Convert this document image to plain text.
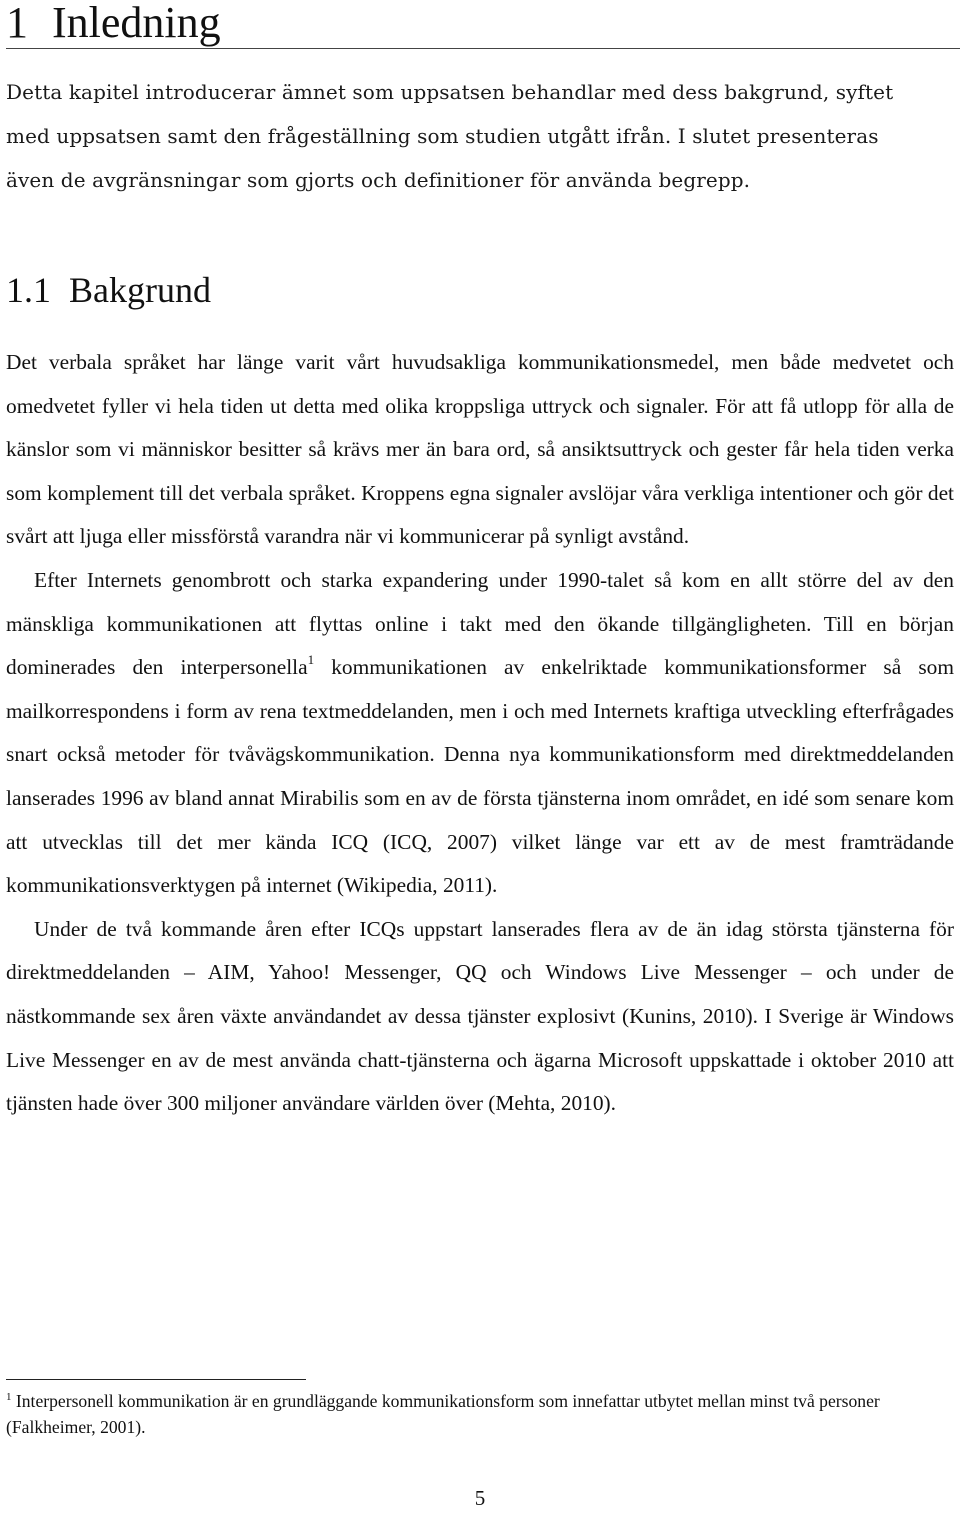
1 Inledning

Detta kapitel introducerar ämnet som uppsatsen behandlar med dess bakgrund, syftet med uppsatsen samt den frågeställning som studien utgått ifrån. I slutet presenteras även de avgränsningar som gjorts och definitioner för använda begrepp.

1.1 Bakgrund

Det verbala språket har länge varit vårt huvudsakliga kommunikationsmedel, men både medvetet och omedvetet fyller vi hela tiden ut detta med olika kroppsliga uttryck och signaler. För att få utlopp för alla de känslor som vi människor besitter så krävs mer än bara ord, så ansiktsuttryck och gester får hela tiden verka som komplement till det verbala språket. Kroppens egna signaler avslöjar våra verkliga intentioner och gör det svårt att ljuga eller missförstå varandra när vi kommunicerar på synligt avstånd.

Efter Internets genombrott och starka expandering under 1990-talet så kom en allt större del av den mänskliga kommunikationen att flyttas online i takt med den ökande tillgängligheten. Till en början dominerades den interpersonella$^1$ kommunikationen av enkelriktade kommunikationsformer så som mailkorrespondens i form av rena textmeddelanden, men i och med Internets kraftiga utveckling efterfrågades snart också metoder för tvåvägskommunikation. Denna nya kommunikationsform med direktmeddelanden lanserades 1996 av bland annat Mirabilis som en av de första tjänsterna inom området, en idé som senare kom att utvecklas till det mer kända ICQ (ICQ, 2007) vilket länge var ett av de mest framträdande kommunikationsverktygen på internet (Wikipedia, 2011).

Under de två kommande åren efter ICQs uppstart lanserades flera av de än idag största tjänsterna för direktmeddelanden – AIM, Yahoo! Messenger, QQ och Windows Live Messenger – och under de nästkommande sex åren växte användandet av dessa tjänster explosivt (Kunins, 2010). I Sverige är Windows Live Messenger en av de mest använda chatt-tjänsterna och ägarna Microsoft uppskattade i oktober 2010 att tjänsten hade över 300 miljoner användare världen över (Mehta, 2010).

$^1$ Interpersonell kommunikation är en grundläggande kommunikationsform som innefattar utbytet mellan minst två personer (Falkheimer, 2001).

5
